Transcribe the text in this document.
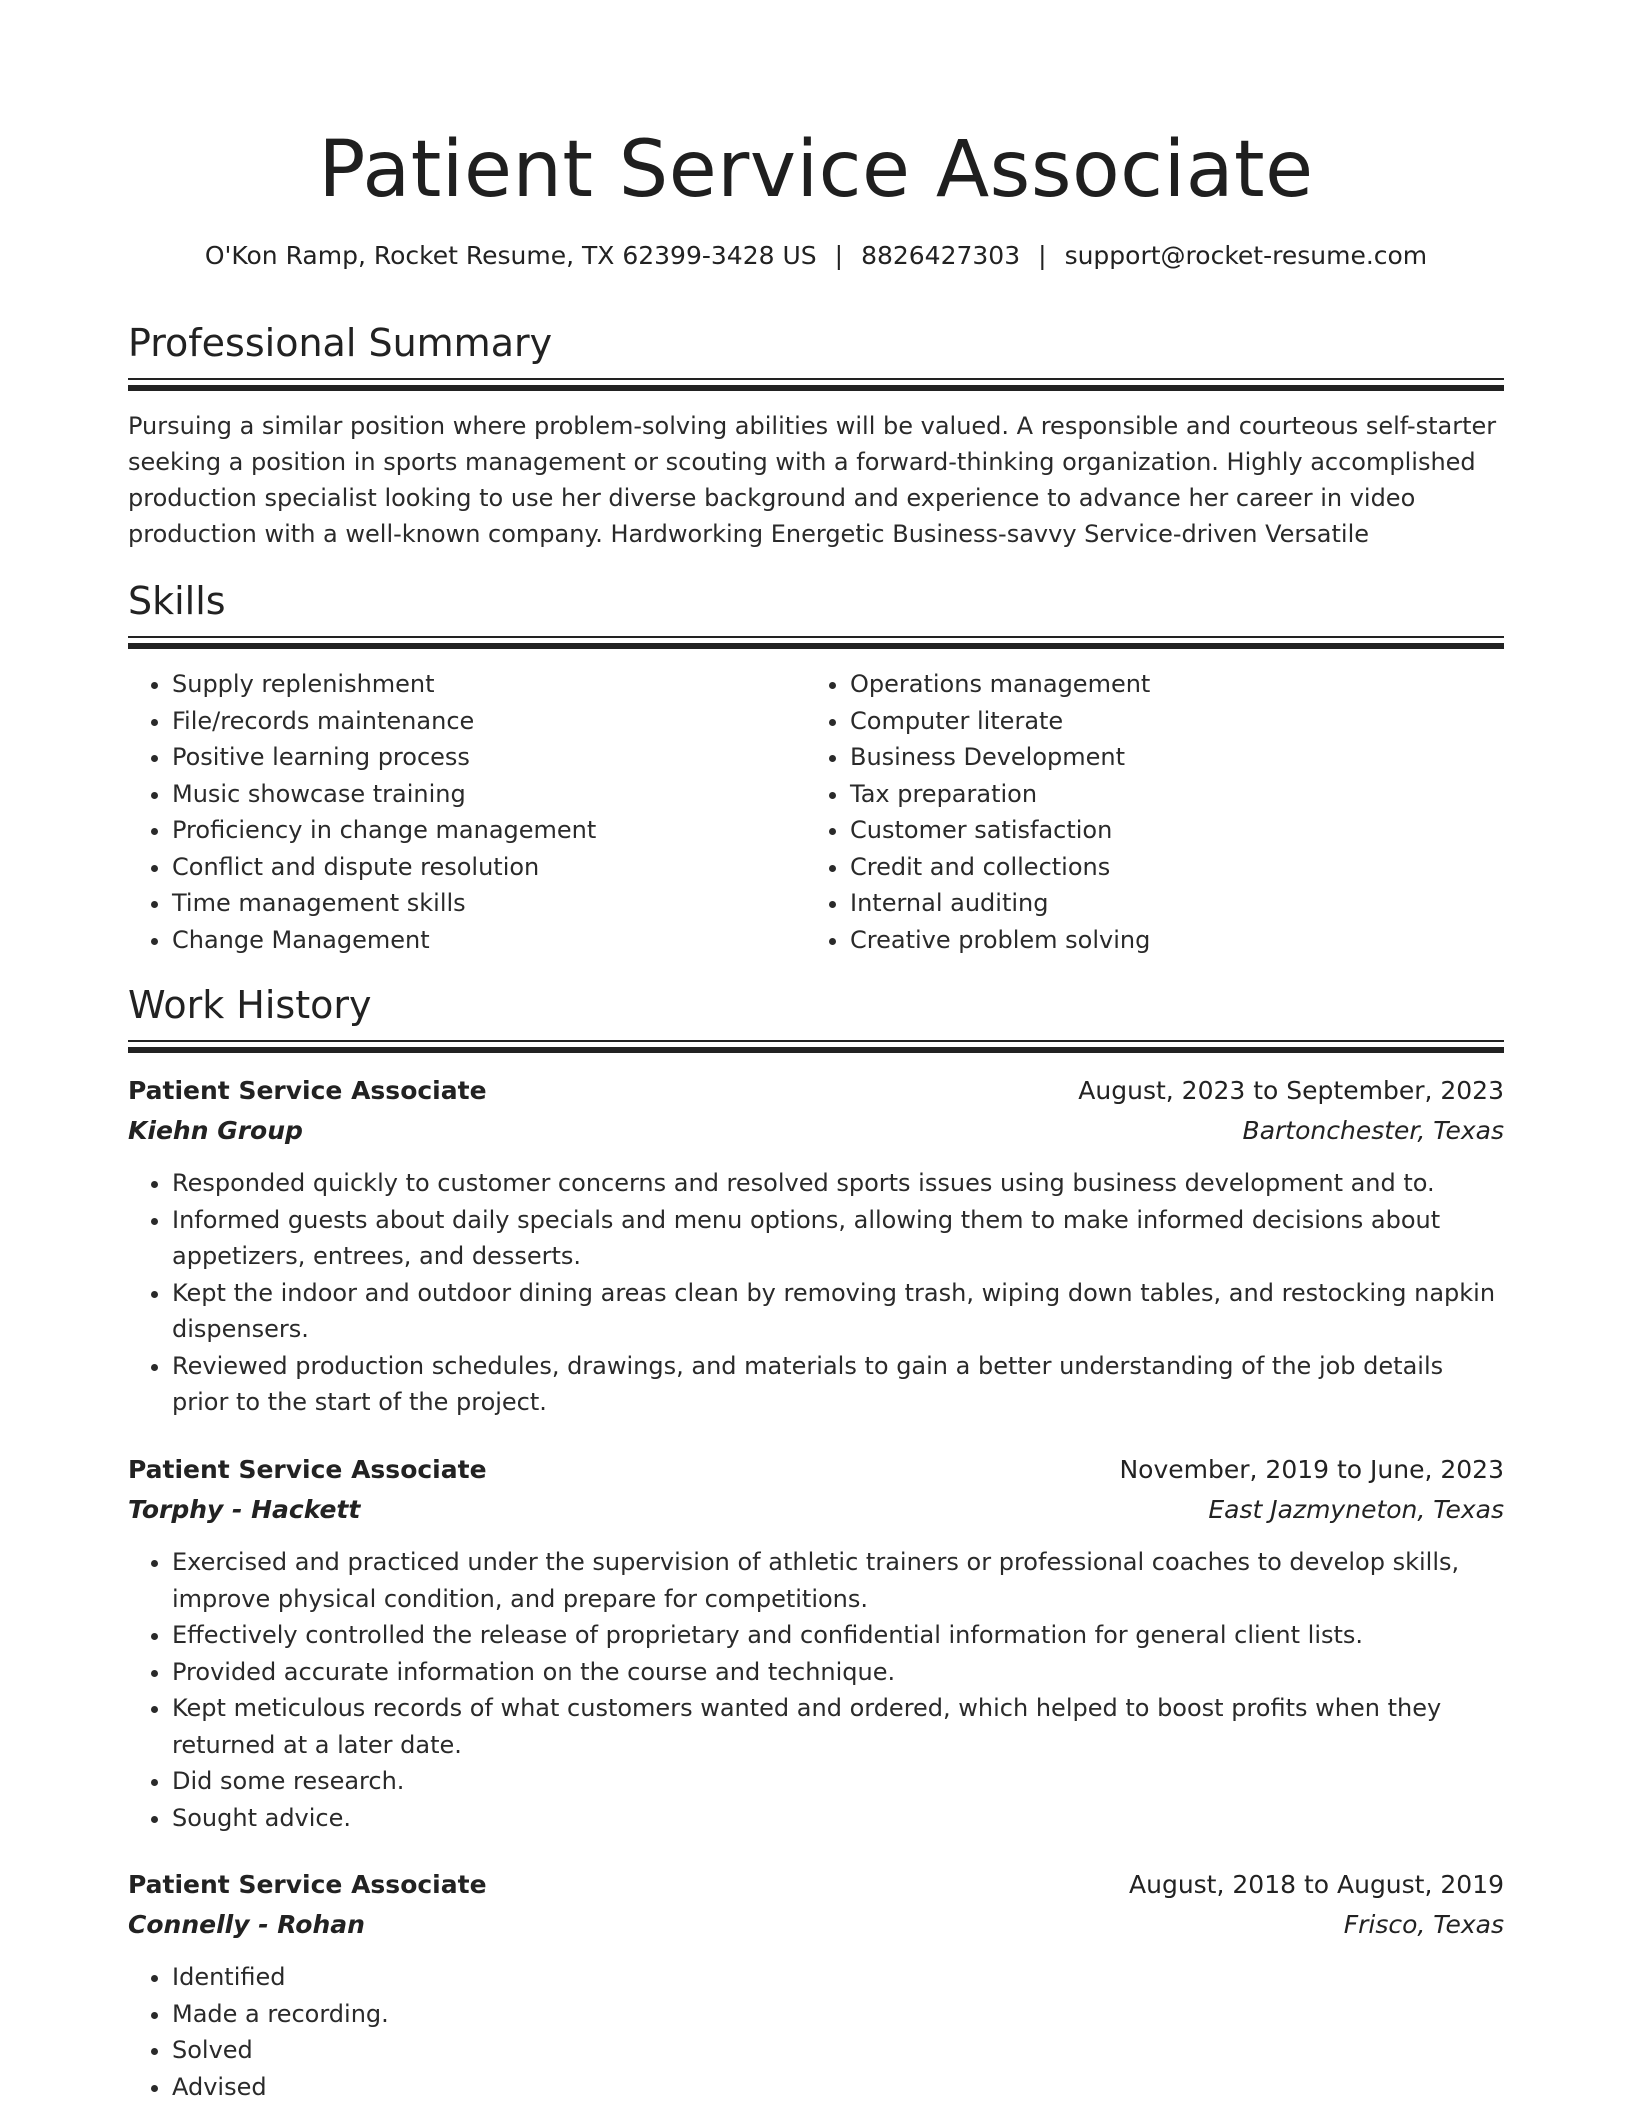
Patient Service Associate
O'Kon Ramp, Rocket Resume, TX 62399-3428 US | 8826427303 | support@rocket-resume.com
Professional Summary
Pursuing a similar position where problem-solving abilities will be valued. A responsible and courteous self-starter seeking a position in sports management or scouting with a forward-thinking organization. Highly accomplished production specialist looking to use her diverse background and experience to advance her career in video production with a well-known company. Hardworking Energetic Business-savvy Service-driven Versatile
Skills
• Supply replenishment
• File/records maintenance
• Positive learning process
• Music showcase training
• Proficiency in change management
• Conflict and dispute resolution
• Time management skills
• Change Management
• Operations management
• Computer literate
• Business Development
• Tax preparation
• Customer satisfaction
• Credit and collections
• Internal auditing
• Creative problem solving
Work History
Patient Service Associate	August, 2023 to September, 2023
Kiehn Group	Bartonchester, Texas
• Responded quickly to customer concerns and resolved sports issues using business development and to.
• Informed guests about daily specials and menu options, allowing them to make informed decisions about appetizers, entrees, and desserts.
• Kept the indoor and outdoor dining areas clean by removing trash, wiping down tables, and restocking napkin dispensers.
• Reviewed production schedules, drawings, and materials to gain a better understanding of the job details prior to the start of the project.
Patient Service Associate	November, 2019 to June, 2023
Torphy - Hackett	East Jazmyneton, Texas
• Exercised and practiced under the supervision of athletic trainers or professional coaches to develop skills, improve physical condition, and prepare for competitions.
• Effectively controlled the release of proprietary and confidential information for general client lists.
• Provided accurate information on the course and technique.
• Kept meticulous records of what customers wanted and ordered, which helped to boost profits when they returned at a later date.
• Did some research.
• Sought advice.
Patient Service Associate	August, 2018 to August, 2019
Connelly - Rohan	Frisco, Texas
• Identified
• Made a recording.
• Solved
• Advised
